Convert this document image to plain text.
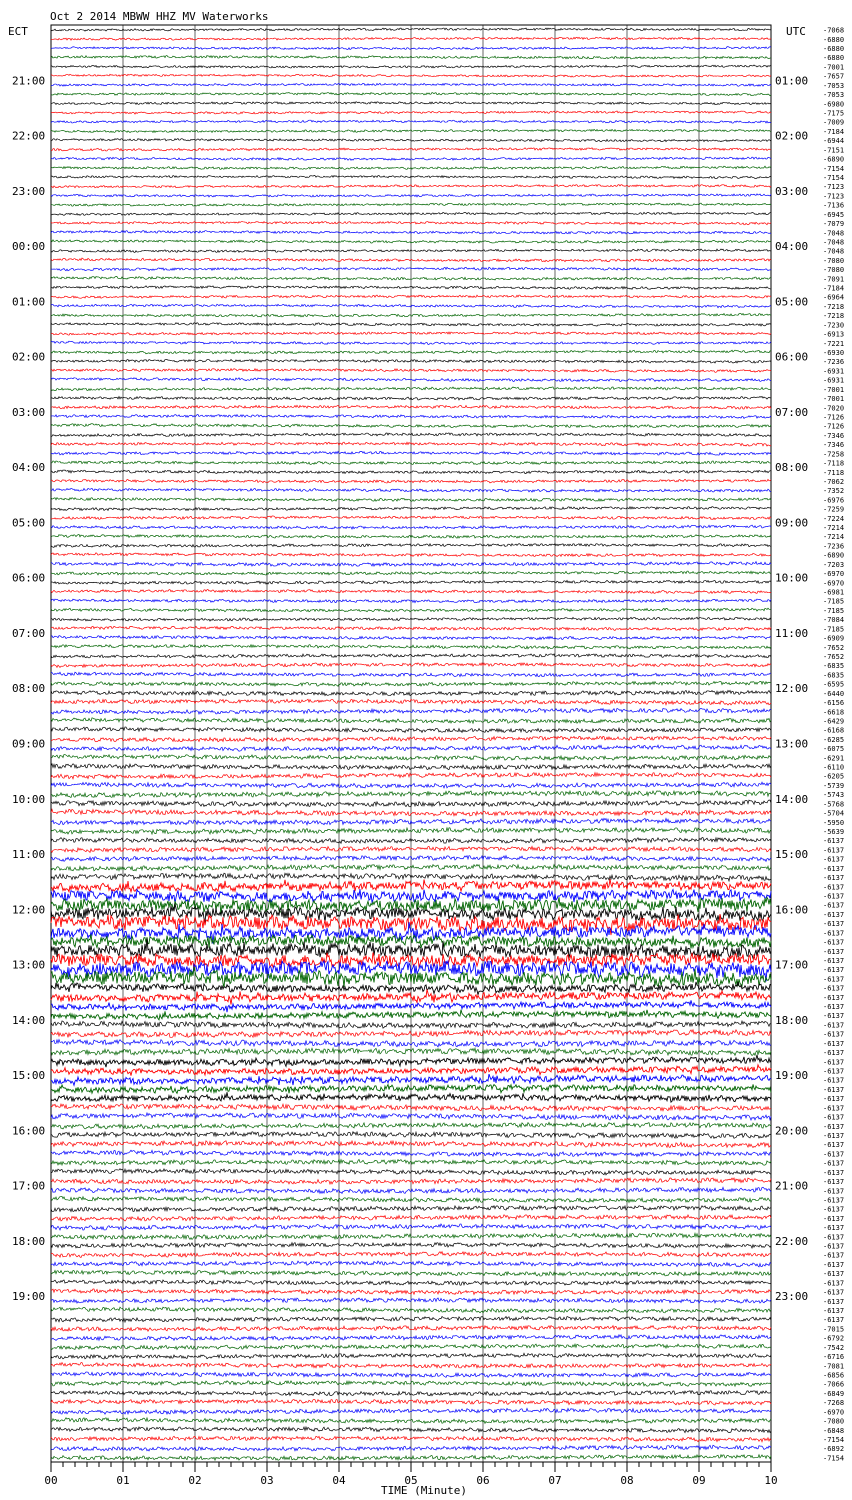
Oct 2 2014 MBWW HHZ MV Waterworks
ECT	UTC -7068
-6880
-6880
-6880
-7001
-7657
-7053
-7053
-6980
-7175
-7009
-7184
-6944
-7151
-6890
-7154
-7154
-7123
-7123
-7136
-6945
-7079
-7048
-7048
-7048
-7080
-7080
-7091
-7184
-6964
-7218
-7218
-7230
-6913
-7221
-6930
-7236
-6931
-6931
-7001
-7001
-7020
-7126
-7126
-7346
-7346
-7258
-7118
-7118
-7062
-7352
-6976
-7259
-7224
-7214
-7214
-7236
-6890
-7203
-6970
-6970
-6981
-7185
-7185
-7084
-7185
-6909
-7652
-7652
-6835
-6835
-6595
-6440
-6156
-6618
-6429
-6168
-6285
-6075
-6291
-6110
-6205
-5739
-5743
-5768
-5704
-5950
-5639
-6137
-6137
-6137
-6137
-6137
-6137
-6137
-6137
-6137
-6137
-6137
-6137
-6137
-6137
-6137
-6137
-6137
-6137
-6137
-6137
-6137
-6137
-6137
-6137
-6137
-6137
-6137
-6137
-6137
-6137
-6137
-6137
-6137
-6137
-6137
-6137
-6137
-6137
-6137
-6137
-6137
-6137
-6137
-6137
-6137
-6137
-6137
-6137
-6137
-6137
-6137
-6137
-6137
-7015
-6792
-7542
-6716
-7081
-6856
-7066
-6849
-7268
-6970
-7080
-6848
-7154
-6892
-7154
21:00	01:00
22:00	02:00
23:00	03:00
00:00	04:00
01:00	05:00
02:00	06:00
03:00	07:00
04:00	08:00
05:00	09:00
06:00	10:00
07:00	11:00
08:00	12:00
09:00	13:00
10:00	14:00
11:00	15:00
12:00	16:00
13:00	17:00
14:00	18:00
15:00	19:00
16:00	20:00
17:00	21:00
18:00	22:00
19:00	23:00
00	01	02	03	04	05	06	07	08	09	10
TIME (Minute)
